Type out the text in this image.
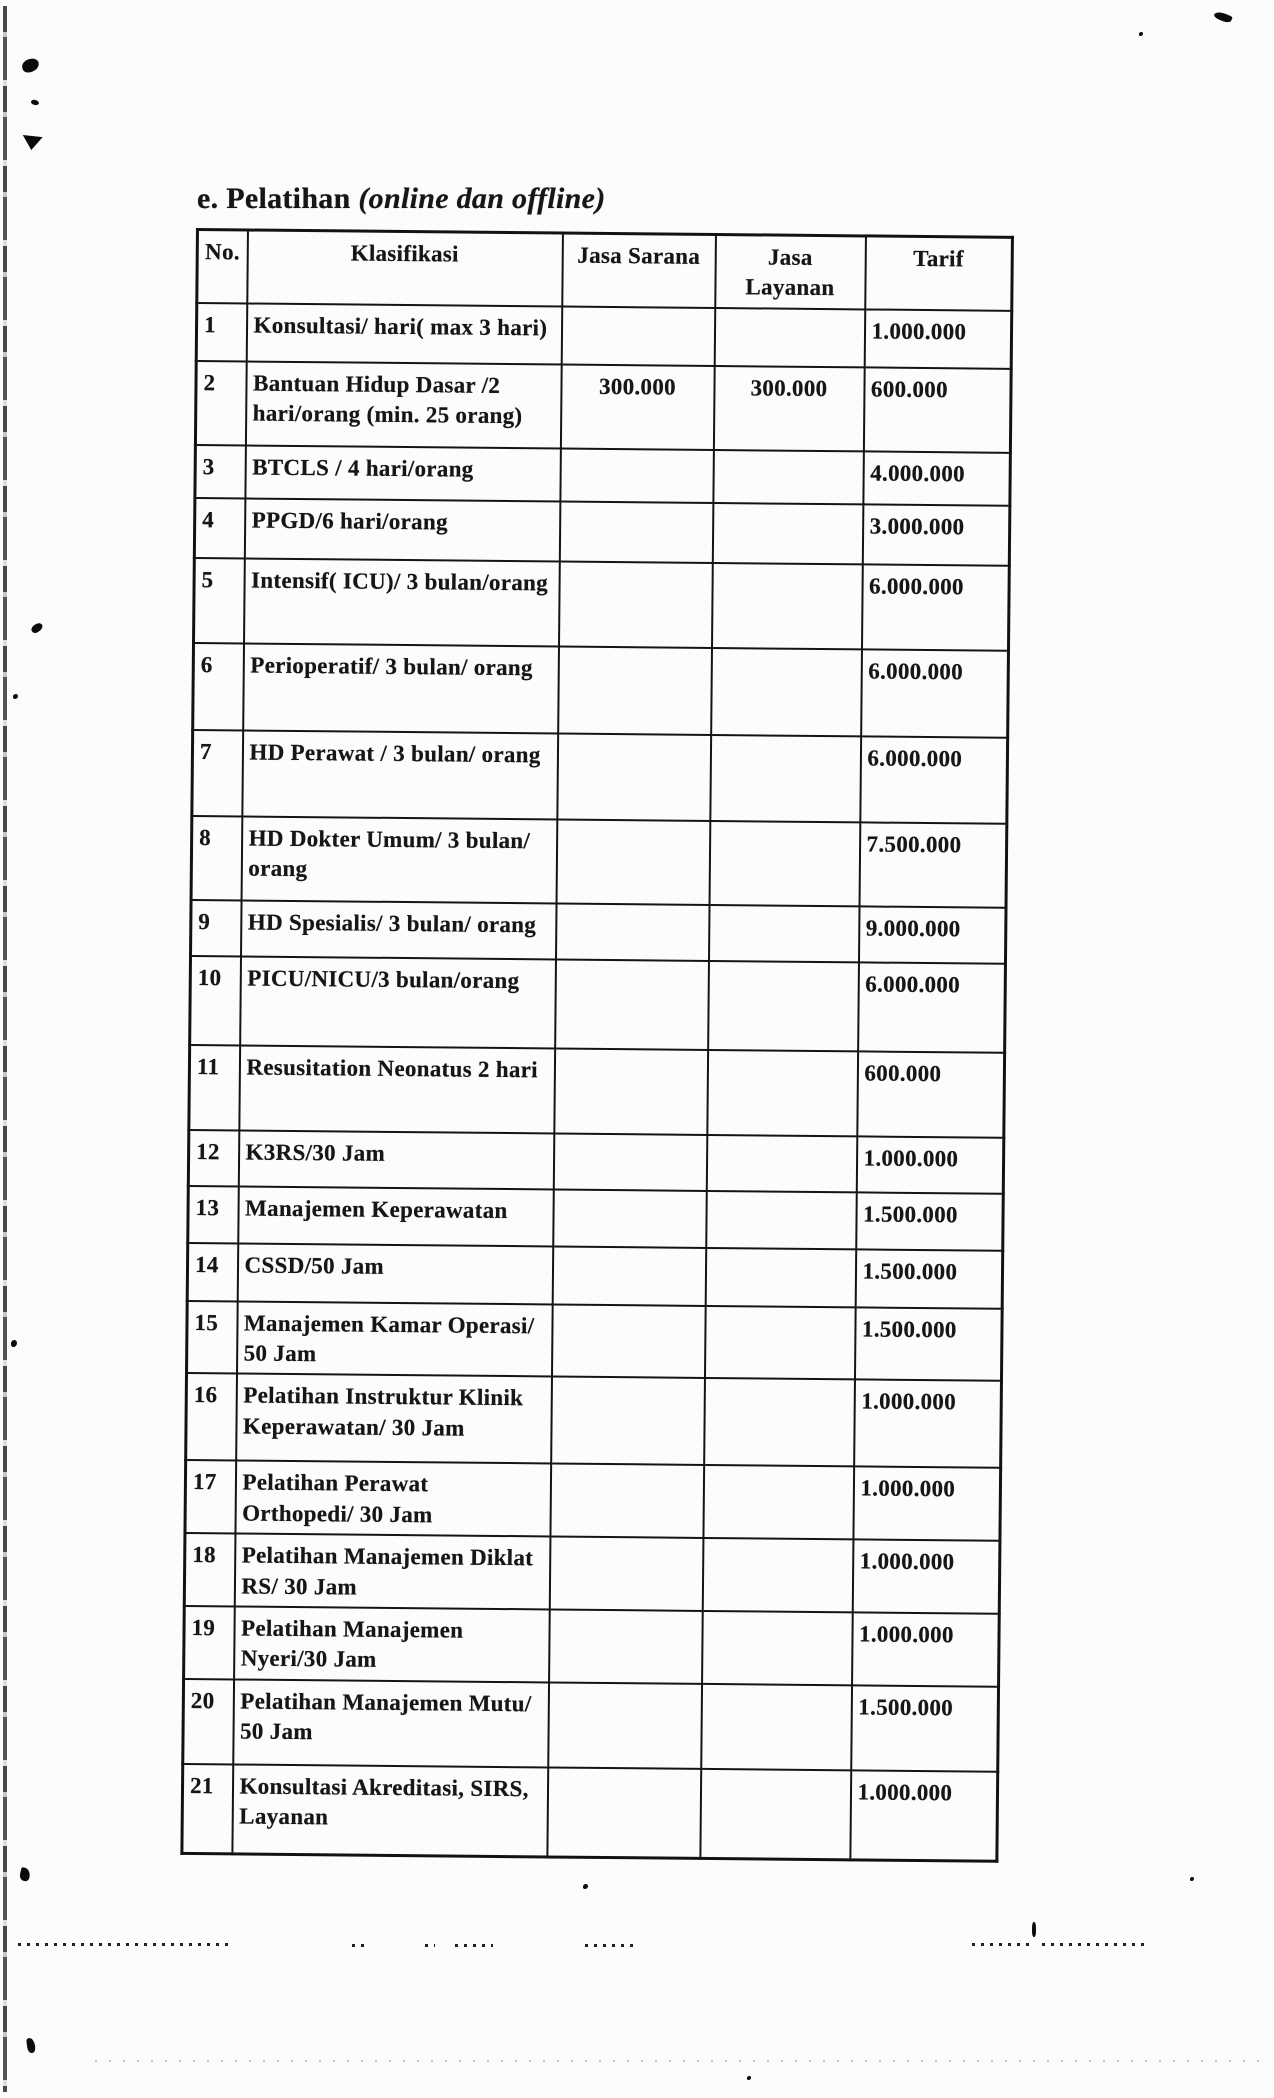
e. Pelatihan (online dan offline)
No.	Klasifikasi	Jasa Sarana	Jasa Layanan	Tarif
1	Konsultasi/ hari( max 3 hari)			1.000.000
2	Bantuan Hidup Dasar /2 hari/orang (min. 25 orang)	300.000	300.000	600.000
3	BTCLS / 4 hari/orang			4.000.000
4	PPGD/6 hari/orang			3.000.000
5	Intensif( ICU)/ 3 bulan/orang			6.000.000
6	Perioperatif/ 3 bulan/ orang			6.000.000
7	HD Perawat / 3 bulan/ orang			6.000.000
8	HD Dokter Umum/ 3 bulan/ orang			7.500.000
9	HD Spesialis/ 3 bulan/ orang			9.000.000
10	PICU/NICU/3 bulan/orang			6.000.000
11	Resusitation Neonatus 2 hari			600.000
12	K3RS/30 Jam			1.000.000
13	Manajemen Keperawatan			1.500.000
14	CSSD/50 Jam			1.500.000
15	Manajemen Kamar Operasi/ 50 Jam			1.500.000
16	Pelatihan Instruktur Klinik Keperawatan/ 30 Jam			1.000.000
17	Pelatihan Perawat Orthopedi/ 30 Jam			1.000.000
18	Pelatihan Manajemen Diklat RS/ 30 Jam			1.000.000
19	Pelatihan Manajemen Nyeri/30 Jam			1.000.000
20	Pelatihan Manajemen Mutu/ 50 Jam			1.500.000
21	Konsultasi Akreditasi, SIRS, Layanan			1.000.000
